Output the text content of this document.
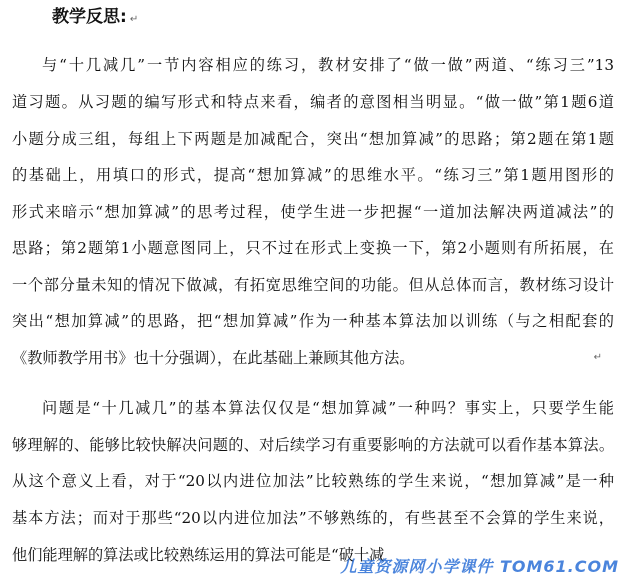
教学反思: ↵
与“十几减几”一节内容相应的练习，教材安排了“做一做”两道、“练习三”13
道习题。从习题的编写形式和特点来看，编者的意图相当明显。“做一做”第1题6道
小题分成三组，每组上下两题是加减配合，突出“想加算减”的思路；第2题在第1题
的基础上，用填口的形式，提高“想加算减”的思维水平。“练习三”第1题用图形的
形式来暗示“想加算减”的思考过程，使学生进一步把握“一道加法解决两道减法”的
思路；第2题第1小题意图同上，只不过在形式上变换一下，第2小题则有所拓展，在
一个部分量未知的情况下做减，有拓宽思维空间的功能。但从总体而言，教材练习设计
突出“想加算减”的思路，把“想加算减”作为一种基本算法加以训练（与之相配套的
《教师教学用书》也十分强调），在此基础上兼顾其他方法。	↵
问题是“十几减几”的基本算法仅仅是“想加算减”一种吗？事实上，只要学生能
够理解的、能够比较快解决问题的、对后续学习有重要影响的方法就可以看作基本算法。
从这个意义上看，对于“20以内进位加法”比较熟练的学生来说，“想加算减”是一种
基本方法；而对于那些“20以内进位加法”不够熟练的，有些甚至不会算的学生来说，
他们能理解的算法或比较熟练运用的算法可能是“破十减
儿童资源网小学课件 TOM61.COM
